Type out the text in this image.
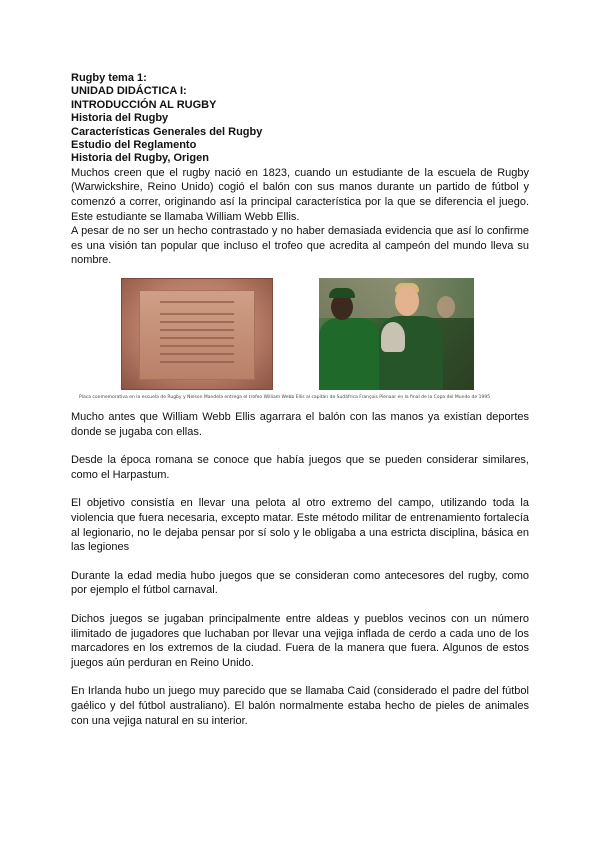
Rugby tema 1:
UNIDAD DIDÁCTICA I:
INTRODUCCIÓN AL RUGBY
Historia del Rugby
Características Generales del Rugby
Estudio del Reglamento
Historia del Rugby, Origen

Muchos creen que el rugby nació en 1823, cuando un estudiante de la escuela de Rugby (Warwickshire, Reino Unido) cogió el balón con sus manos durante un partido de fútbol y comenzó a correr, originando así la principal característica por la que se diferencia el juego. Este estudiante se llamaba William Webb Ellis.

A pesar de no ser un hecho contrastado y no haber demasiada evidencia que así lo confirme es una visión tan popular que incluso el trofeo que acredita al campeón del mundo lleva su nombre.

Placa conmemorativa en la escuela de Rugby y Nelson Mandela entrega el trofeo William Webb Ellis al capitán de Sudáfrica François Pienaar en la final de la Copa del Mundo de 1995

Mucho antes que William Webb Ellis agarrara el balón con las manos ya existían deportes donde se jugaba con ellas.

Desde la época romana se conoce que había juegos que se pueden considerar similares, como el Harpastum.

El objetivo consistía en llevar una pelota al otro extremo del campo, utilizando toda la violencia que fuera necesaria, excepto matar. Este método militar de entrenamiento fortalecía al legionario, no le dejaba pensar por sí solo y le obligaba a una estricta disciplina, básica en las legiones

Durante la edad media hubo juegos que se consideran como antecesores del rugby, como por ejemplo el fútbol carnaval.

Dichos juegos se jugaban principalmente entre aldeas y pueblos vecinos con un número ilimitado de jugadores que luchaban por llevar una vejiga inflada de cerdo a cada uno de los marcadores en los extremos de la ciudad. Fuera de la manera que fuera. Algunos de estos juegos aún perduran en Reino Unido.

En Irlanda hubo un juego muy parecido que se llamaba Caid (considerado el padre del fútbol gaélico y del fútbol australiano). El balón normalmente estaba hecho de pieles de animales con una vejiga natural en su interior.
